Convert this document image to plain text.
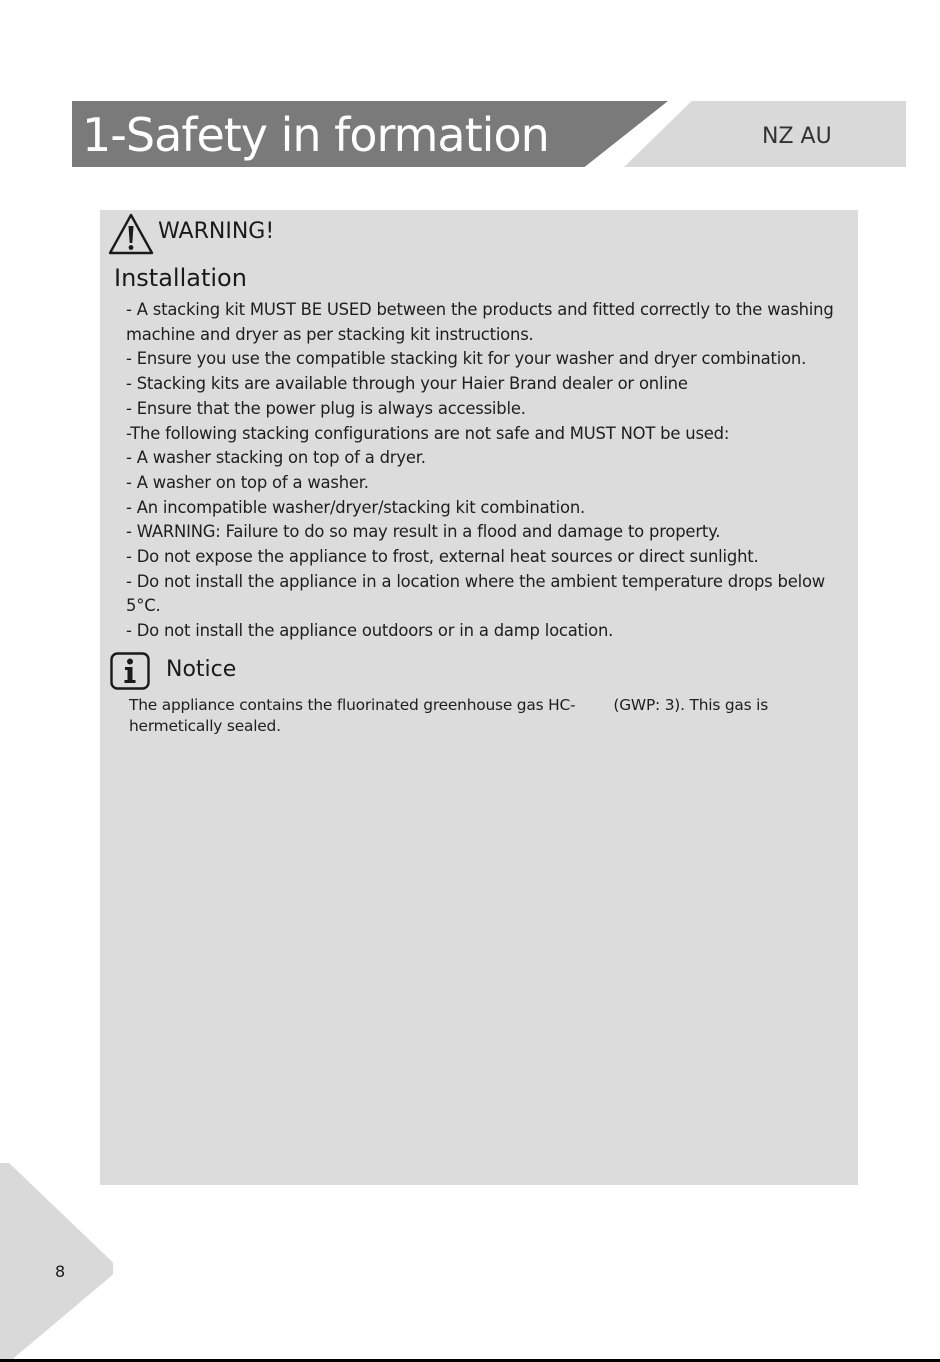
1-Safety in formation	NZ AU
WARNING!
Installation
- A stacking kit MUST BE USED between the products and fitted correctly to the washing machine and dryer as per stacking kit instructions.
- Ensure you use the compatible stacking kit for your washer and dryer combination.
- Stacking kits are available through your Haier Brand dealer or online
- Ensure that the power plug is always accessible.
-The following stacking configurations are not safe and MUST NOT be used:
- A washer stacking on top of a dryer.
- A washer on top of a washer.
- An incompatible washer/dryer/stacking kit combination.
- WARNING: Failure to do so may result in a flood and damage to property.
- Do not expose the appliance to frost, external heat sources or direct sunlight.
- Do not install the appliance in a location where the ambient temperature drops below 5°C.
- Do not install the appliance outdoors or in a damp location.
Notice

The appliance contains the fluorinated greenhouse gas HC- (GWP: 3). This gas is hermetically sealed.

8
